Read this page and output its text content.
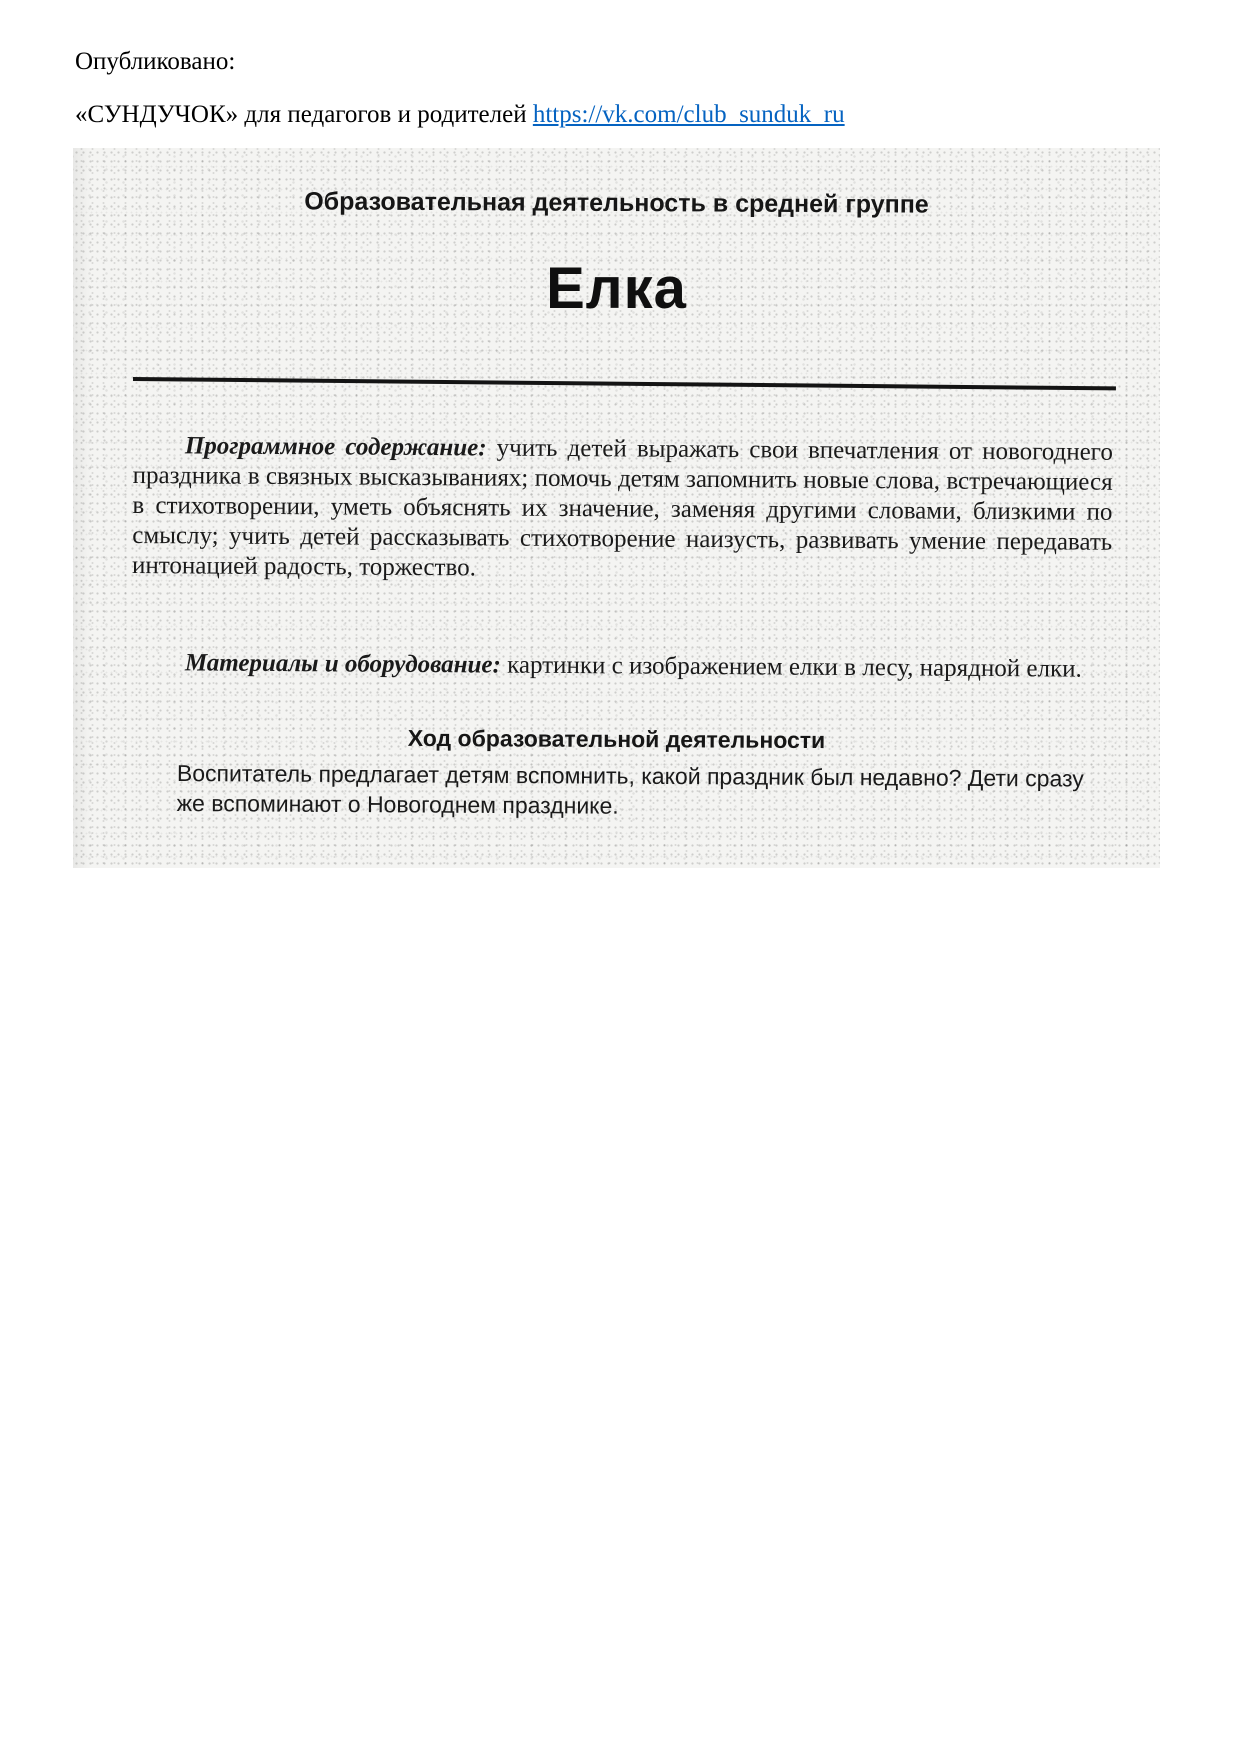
Опубликовано:
«СУНДУЧОК» для педагогов и родителей https://vk.com/club_sunduk_ru
Образовательная деятельность в средней группе
Елка

Программное содержание: учить детей выражать свои впечатления от новогоднего праздника в связных высказываниях; помочь детям запомнить новые слова, встречающиеся в стихотворении, уметь объяснять их значение, заменяя другими словами, близкими по смыслу; учить детей рассказывать стихотворение наизусть, развивать умение передавать интонацией радость, торжество.

Материалы и оборудование: картинки с изображением елки в лесу, нарядной елки.

Ход образовательной деятельности

Воспитатель предлагает детям вспомнить, какой праздник был недавно? Дети сразу же вспоминают о Новогоднем празднике.
